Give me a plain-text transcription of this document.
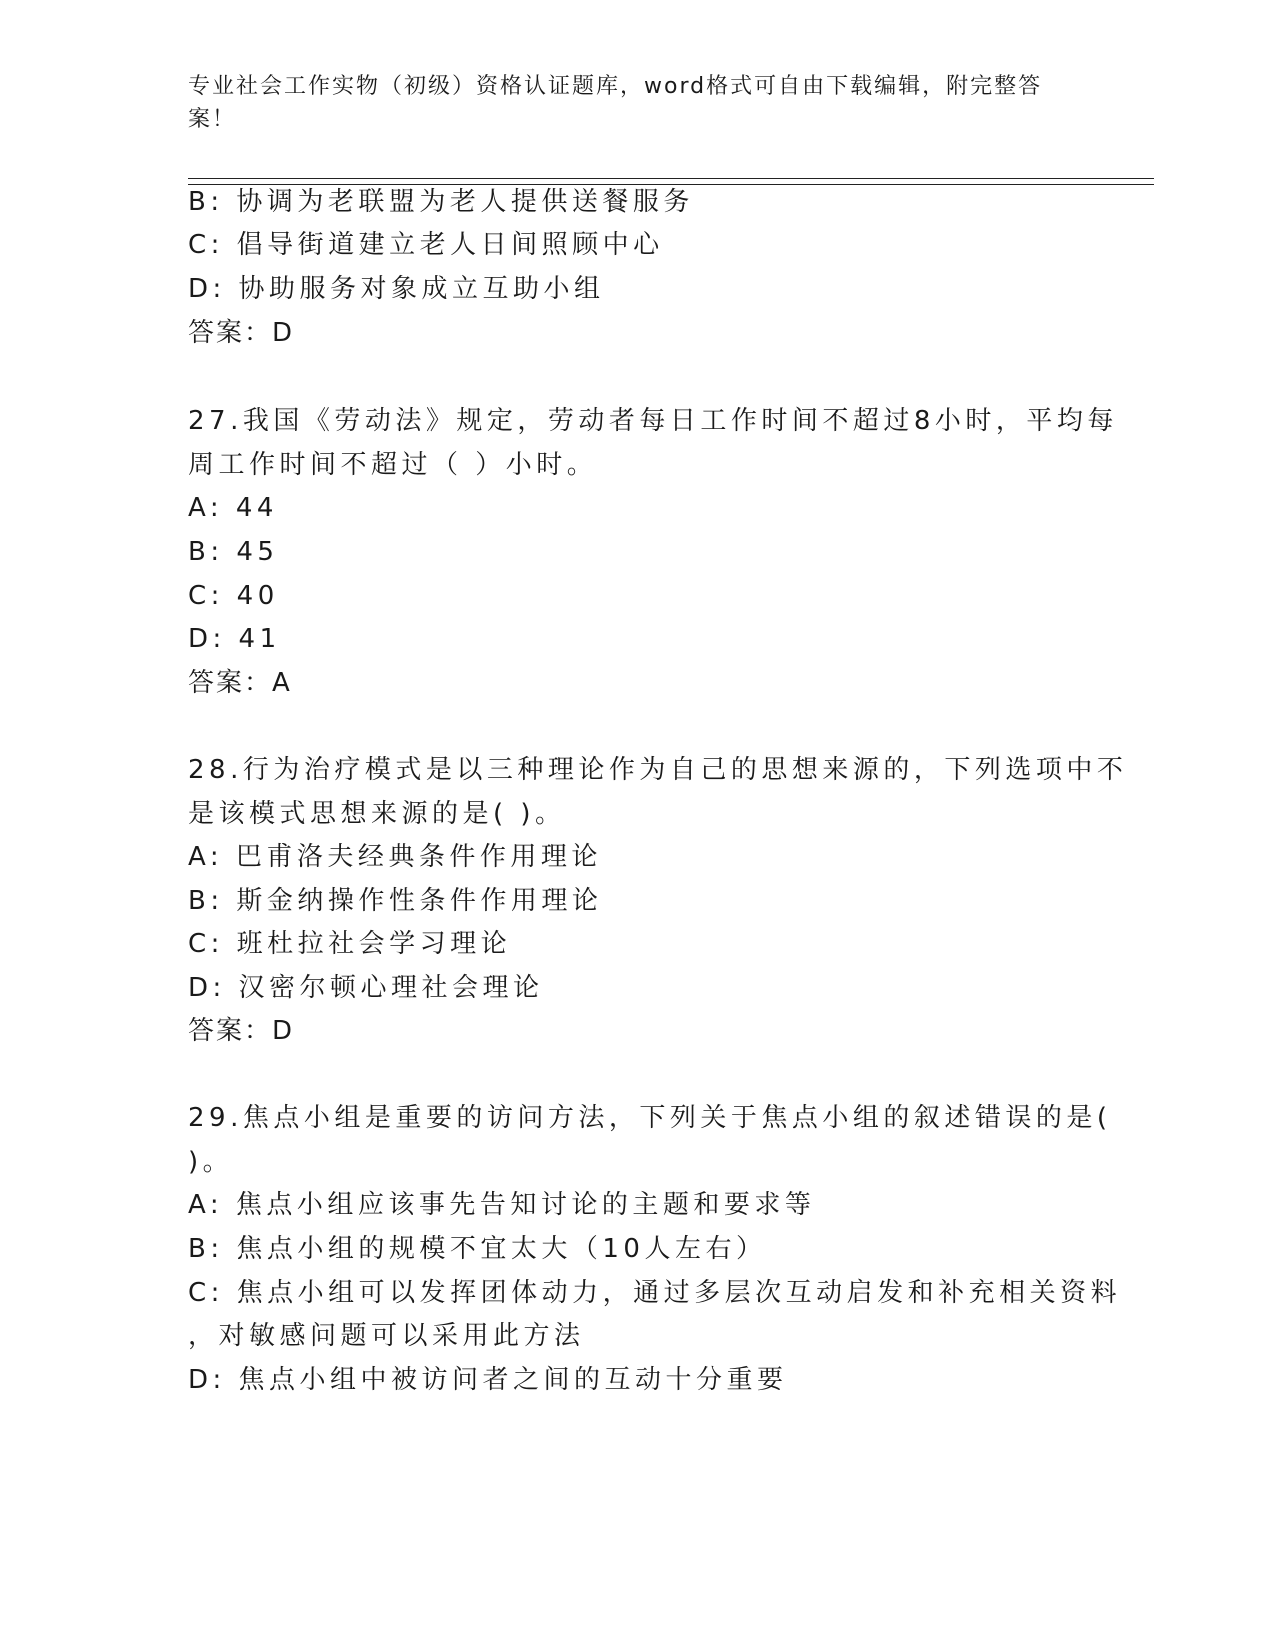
专业社会工作实物（初级）资格认证题库，word格式可自由下载编辑，附完整答案！
B: 协调为老联盟为老人提供送餐服务
C: 倡导街道建立老人日间照顾中心
D: 协助服务对象成立互助小组
答案：D
27.我国《劳动法》规定，劳动者每日工作时间不超过8小时，平均每
周工作时间不超过（ ）小时。
A: 44
B: 45
C: 40
D: 41
答案：A
28.行为治疗模式是以三种理论作为自己的思想来源的，下列选项中不
是该模式思想来源的是( )。
A: 巴甫洛夫经典条件作用理论
B: 斯金纳操作性条件作用理论
C: 班杜拉社会学习理论
D: 汉密尔顿心理社会理论
答案：D
29.焦点小组是重要的访问方法，下列关于焦点小组的叙述错误的是(
)。
A: 焦点小组应该事先告知讨论的主题和要求等
B: 焦点小组的规模不宜太大（10人左右）
C: 焦点小组可以发挥团体动力，通过多层次互动启发和补充相关资料
，对敏感问题可以采用此方法
D: 焦点小组中被访问者之间的互动十分重要
